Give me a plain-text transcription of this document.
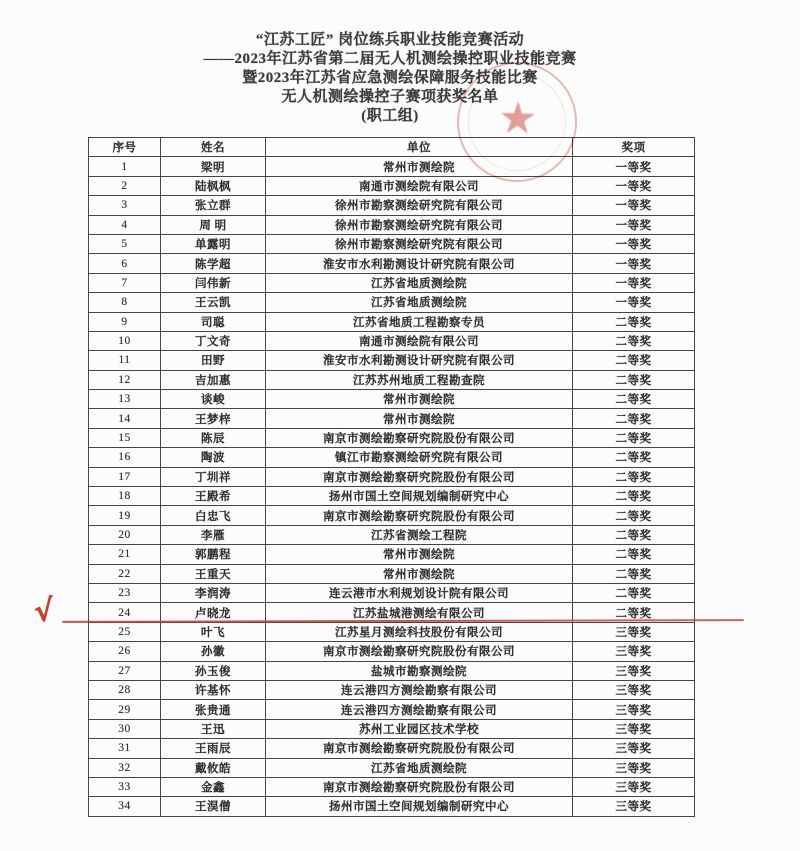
“江苏工匠” 岗位练兵职业技能竞赛活动
——2023年江苏省第二届无人机测绘操控职业技能竞赛
暨2023年江苏省应急测绘保障服务技能比赛
无人机测绘操控子赛项获奖名单
(职工组)	★
序号	姓名	单位	奖项
1	梁明	常州市测绘院	一等奖
2	陆枫枫	南通市测绘院有限公司	一等奖
3	张立群	徐州市勘察测绘研究院有限公司	一等奖
4	周 明	徐州市勘察测绘研究院有限公司	一等奖
5	单露明	徐州市勘察测绘研究院有限公司	一等奖
6	陈学超	淮安市水利勘测设计研究院有限公司	一等奖
7	闫伟新	江苏省地质测绘院	一等奖
8	王云凯	江苏省地质测绘院	一等奖
9	司聪	江苏省地质工程勘察专员	二等奖
10	丁文奇	南通市测绘院有限公司	二等奖
11	田野	淮安市水利勘测设计研究院有限公司	二等奖
12	吉加惠	江苏苏州地质工程勘查院	二等奖
13	谈峻	常州市测绘院	二等奖
14	王梦梓	常州市测绘院	二等奖
15	陈辰	南京市测绘勘察研究院股份有限公司	二等奖
16	陶波	镇江市勘察测绘研究院有限公司	二等奖
17	丁圳祥	南京市测绘勘察研究院股份有限公司	二等奖
18	王殿希	扬州市国土空间规划编制研究中心	二等奖
19	白忠飞	南京市测绘勘察研究院股份有限公司	二等奖
20	李雁	江苏省测绘工程院	二等奖
21	郭鹏程	常州市测绘院	二等奖
22	王重天	常州市测绘院	二等奖
23	李润涛	连云港市水利规划设计院有限公司	二等奖
24	卢晓龙	江苏盐城港测绘有限公司	二等奖
25	叶飞	江苏星月测绘科技股份有限公司	三等奖
26	孙徽	南京市测绘勘察研究院股份有限公司	三等奖
27	孙玉俊	盐城市勘察测绘院	三等奖
28	许基怀	连云港四方测绘勘察有限公司	三等奖
29	张贵通	连云港四方测绘勘察有限公司	三等奖
30	王迅	苏州工业园区技术学校	三等奖
31	王雨辰	南京市测绘勘察研究院股份有限公司	三等奖
32	戴攸皓	江苏省地质测绘院	三等奖
33	金鑫	南京市测绘勘察研究院股份有限公司	三等奖
34	王淏僧	扬州市国土空间规划编制研究中心	三等奖
√
